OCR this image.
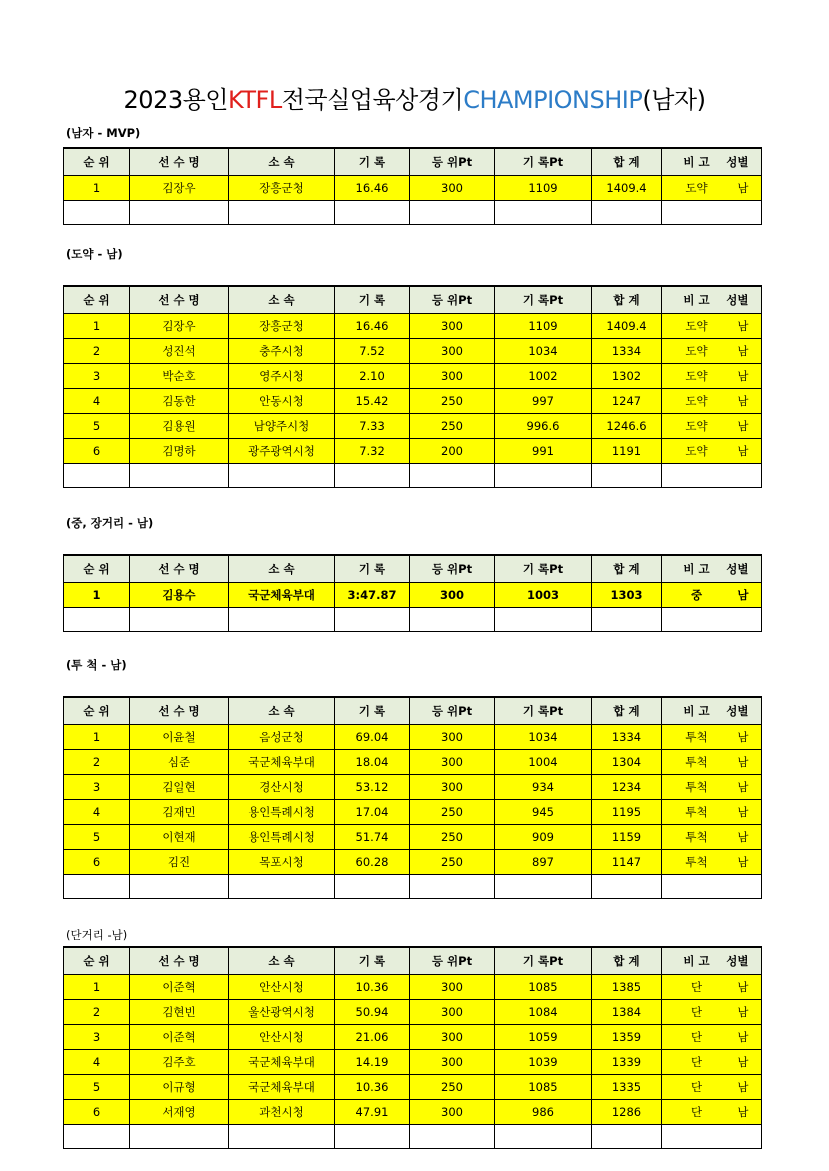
2023용인KTFL전국실업육상경기CHAMPIONSHIP(남자)
(남자 - MVP)
순 위	선 수 명	소 속	기 록	등 위Pt	기 록Pt	합 계	비 고 성별
1	김장우	장흥군청	16.46	300	1109	1409.4	도약 남

(도약 - 남)
순 위	선 수 명	소 속	기 록	등 위Pt	기 록Pt	합 계	비 고 성별
1	김장우	장흥군청	16.46	300	1109	1409.4	도약 남
2	성진석	충주시청	7.52	300	1034	1334	도약 남
3	박순호	영주시청	2.10	300	1002	1302	도약 남
4	김동한	안동시청	15.42	250	997	1247	도약 남
5	김용원	남양주시청	7.33	250	996.6	1246.6	도약 남
6	김명하	광주광역시청	7.32	200	991	1191	도약 남

(중, 장거리 - 남)
순 위	선 수 명	소 속	기 록	등 위Pt	기 록Pt	합 계	비 고 성별
1	김용수	국군체육부대	3:47.87	300	1003	1303	중 남

(투 척 - 남)
순 위	선 수 명	소 속	기 록	등 위Pt	기 록Pt	합 계	비 고 성별
1	이윤철	음성군청	69.04	300	1034	1334	투척 남
2	심준	국군체육부대	18.04	300	1004	1304	투척 남
3	김일현	경산시청	53.12	300	934	1234	투척 남
4	김재민	용인특례시청	17.04	250	945	1195	투척 남
5	이현재	용인특례시청	51.74	250	909	1159	투척 남
6	김진	목포시청	60.28	250	897	1147	투척 남

(단거리 -남)
순 위	선 수 명	소 속	기 록	등 위Pt	기 록Pt	합 계	비 고 성별
1	이준혁	안산시청	10.36	300	1085	1385	단 남
2	김현빈	울산광역시청	50.94	300	1084	1384	단 남
3	이준혁	안산시청	21.06	300	1059	1359	단 남
4	김주호	국군체육부대	14.19	300	1039	1339	단 남
5	이규형	국군체육부대	10.36	250	1085	1335	단 남
6	서재영	과천시청	47.91	300	986	1286	단 남
